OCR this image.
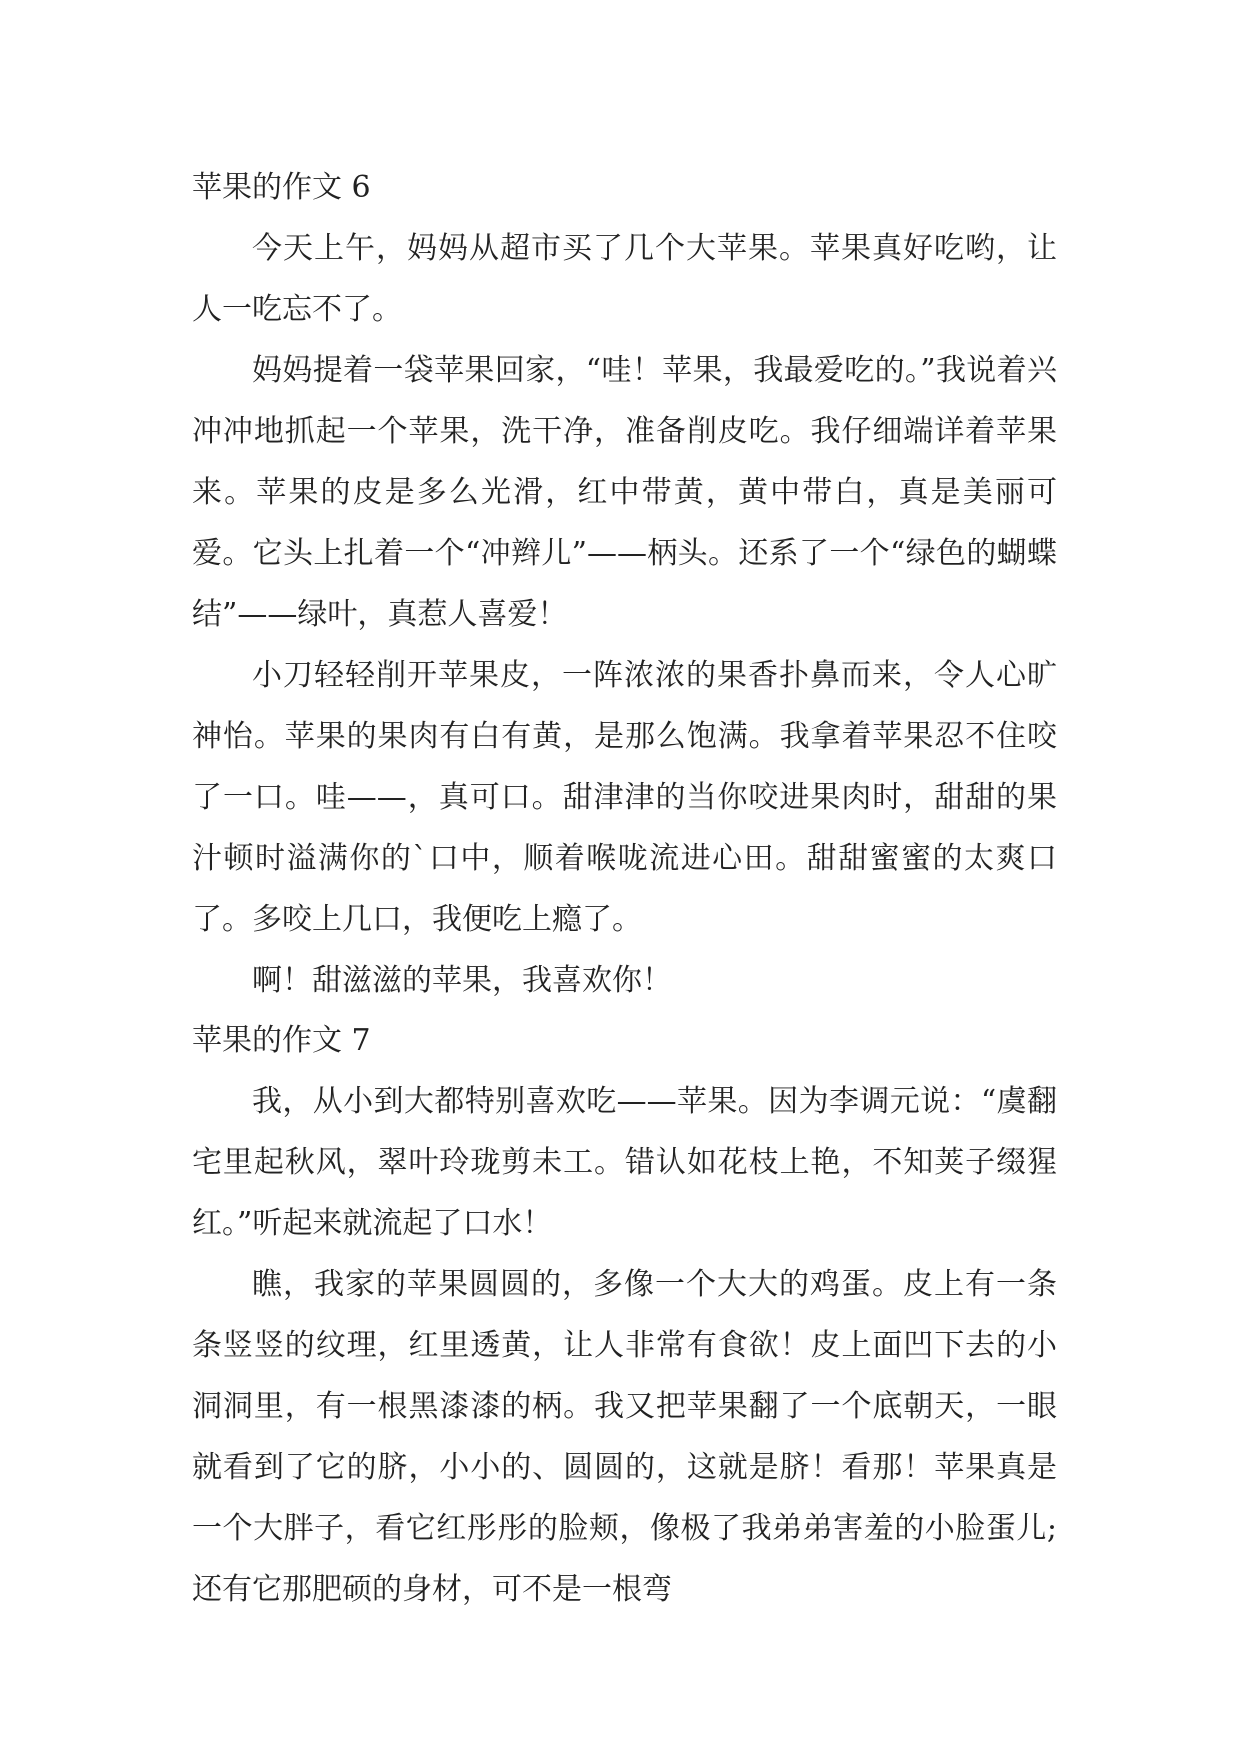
苹果的作文 6

今天上午，妈妈从超市买了几个大苹果。苹果真好吃哟，让人一吃忘不了。

妈妈提着一袋苹果回家，“哇！苹果，我最爱吃的。”我说着兴冲冲地抓起一个苹果，洗干净，准备削皮吃。我仔细端详着苹果来。苹果的皮是多么光滑，红中带黄，黄中带白，真是美丽可爱。它头上扎着一个“冲辫儿”——柄头。还系了一个“绿色的蝴蝶结”——绿叶，真惹人喜爱！

小刀轻轻削开苹果皮，一阵浓浓的果香扑鼻而来，令人心旷神怡。苹果的果肉有白有黄，是那么饱满。我拿着苹果忍不住咬了一口。哇——，真可口。甜津津的当你咬进果肉时，甜甜的果汁顿时溢满你的`口中，顺着喉咙流进心田。甜甜蜜蜜的太爽口了。多咬上几口，我便吃上瘾了。

啊！甜滋滋的苹果，我喜欢你！

苹果的作文 7

我，从小到大都特别喜欢吃——苹果。因为李调元说：“虞翻宅里起秋风，翠叶玲珑剪未工。错认如花枝上艳，不知荚子缀猩红。”听起来就流起了口水！

瞧，我家的苹果圆圆的，多像一个大大的鸡蛋。皮上有一条条竖竖的纹理，红里透黄，让人非常有食欲！皮上面凹下去的小洞洞里，有一根黑漆漆的柄。我又把苹果翻了一个底朝天，一眼就看到了它的脐，小小的、圆圆的，这就是脐！看那！苹果真是一个大胖子，看它红彤彤的脸颊，像极了我弟弟害羞的小脸蛋儿;还有它那肥硕的身材，可不是一根弯
